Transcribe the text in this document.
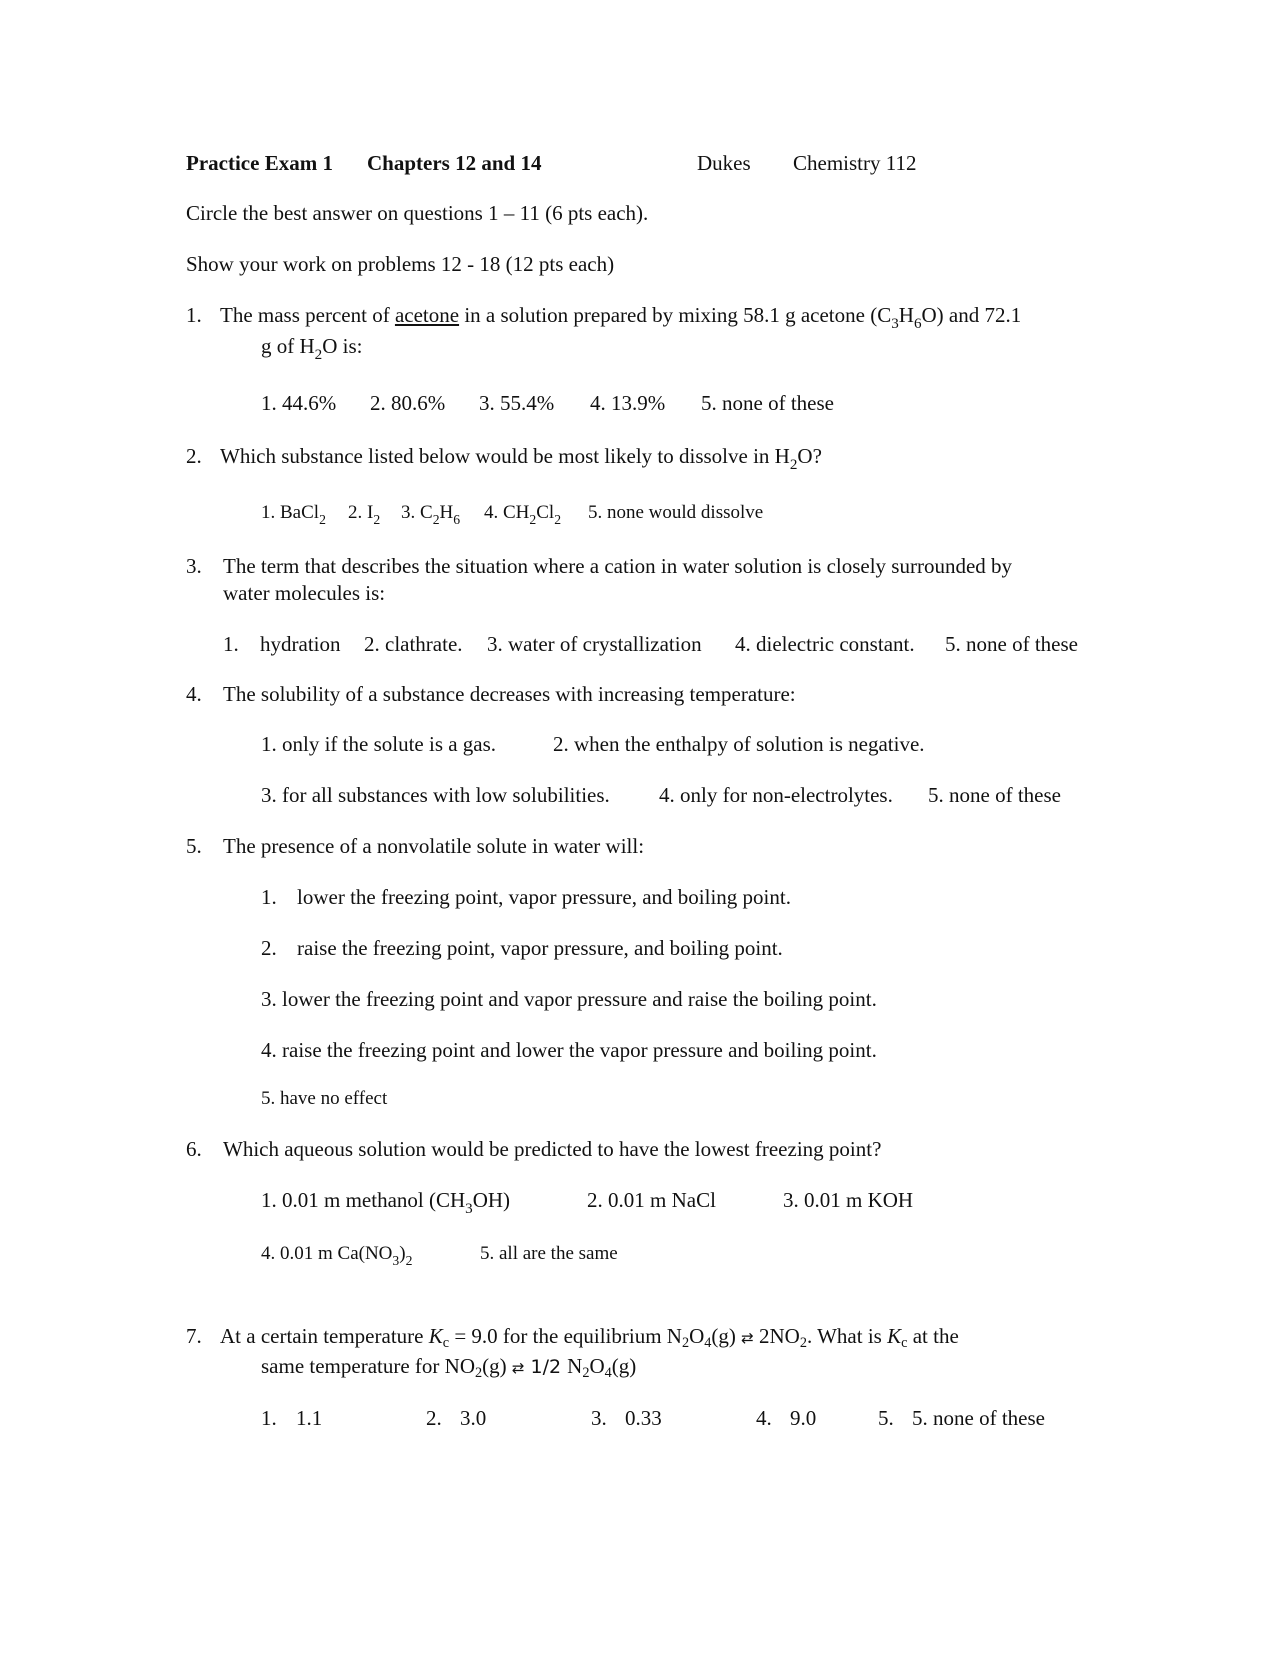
Practice Exam 1 Chapters 12 and 14	Dukes Chemistry 112
Circle the best answer on questions 1 – 11 (6 pts each).
Show your work on problems 12 - 18 (12 pts each)
1. The mass percent of acetone in a solution prepared by mixing 58.1 g acetone $(C_3H_6O)$ and 72.1
g of $H_2O$ is:
1. 44.6% 2. 80.6% 3. 55.4% 4. 13.9% 5. none of these
2. Which substance listed below would be most likely to dissolve in $H_2O$?
1. BaCl$_2$ 2. $I_2$ 3. $C_2H_6$ 4. $CH_2Cl_2$ 5. none would dissolve
3. The term that describes the situation where a cation in water solution is closely surrounded by
water molecules is:
1. hydration 2. clathrate. 3. water of crystallization 4. dielectric constant. 5. none of these
4. The solubility of a substance decreases with increasing temperature:
1. only if the solute is a gas.	2. when the enthalpy of solution is negative.
3. for all substances with low solubilities. 4. only for non-electrolytes. 5. none of these
5. The presence of a nonvolatile solute in water will:
1. lower the freezing point, vapor pressure, and boiling point.
2. raise the freezing point, vapor pressure, and boiling point.
3. lower the freezing point and vapor pressure and raise the boiling point.
4. raise the freezing point and lower the vapor pressure and boiling point.
5. have no effect
6. Which aqueous solution would be predicted to have the lowest freezing point?
1. 0.01 m methanol $(CH_3OH)$	2. 0.01 m NaCl	3. 0.01 m KOH
4. 0.01 m $Ca(NO_3)_2$	5. all are the same
7. At a certain temperature Kc = 9.0 for the equilibrium N2O4(g) ⇄ 2NO2. What is Kc at the
same temperature for NO2(g) ⇄ 1/2 N2O4(g)
1. 1.1	2. 3.0	3. 0.33	4. 9.0	5. 5. none of these
